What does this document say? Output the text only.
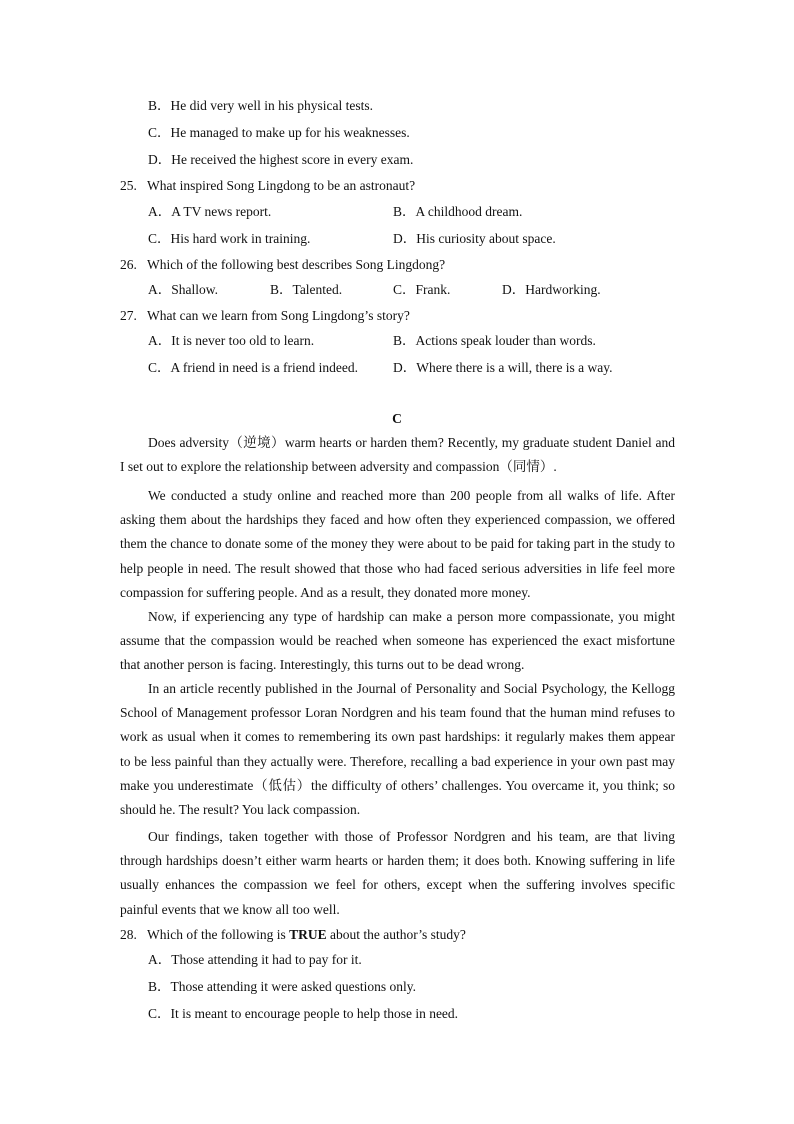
B．He did very well in his physical tests.
C．He managed to make up for his weaknesses.
D．He received the highest score in every exam.
25. What inspired Song Lingdong to be an astronaut?
A．A TV news report.	B．A childhood dream.
C．His hard work in training.	D．His curiosity about space.
26. Which of the following best describes Song Lingdong?
A．Shallow.	B．Talented.	C．Frank.	D．Hardworking.
27. What can we learn from Song Lingdong’s story?
A．It is never too old to learn.	B．Actions speak louder than words.
C．A friend in need is a friend indeed.	D．Where there is a will, there is a way.
C
Does adversity（逆境）warm hearts or harden them? Recently, my graduate student Daniel and I set out to explore the relationship between adversity and compassion（同情）.
We conducted a study online and reached more than 200 people from all walks of life. After asking them about the hardships they faced and how often they experienced compassion, we offered them the chance to donate some of the money they were about to be paid for taking part in the study to help people in need. The result showed that those who had faced serious adversities in life feel more compassion for suffering people. And as a result, they donated more money.
Now, if experiencing any type of hardship can make a person more compassionate, you might assume that the compassion would be reached when someone has experienced the exact misfortune that another person is facing. Interestingly, this turns out to be dead wrong.
In an article recently published in the Journal of Personality and Social Psychology, the Kellogg School of Management professor Loran Nordgren and his team found that the human mind refuses to work as usual when it comes to remembering its own past hardships: it regularly makes them appear to be less painful than they actually were. Therefore, recalling a bad experience in your own past may make you underestimate（低估）the difficulty of others’ challenges. You overcame it, you think; so should he. The result? You lack compassion.
Our findings, taken together with those of Professor Nordgren and his team, are that living through hardships doesn’t either warm hearts or harden them; it does both. Knowing suffering in life usually enhances the compassion we feel for others, except when the suffering involves specific painful events that we know all too well.
28. Which of the following is TRUE about the author’s study?
A．Those attending it had to pay for it.
B．Those attending it were asked questions only.
C．It is meant to encourage people to help those in need.
